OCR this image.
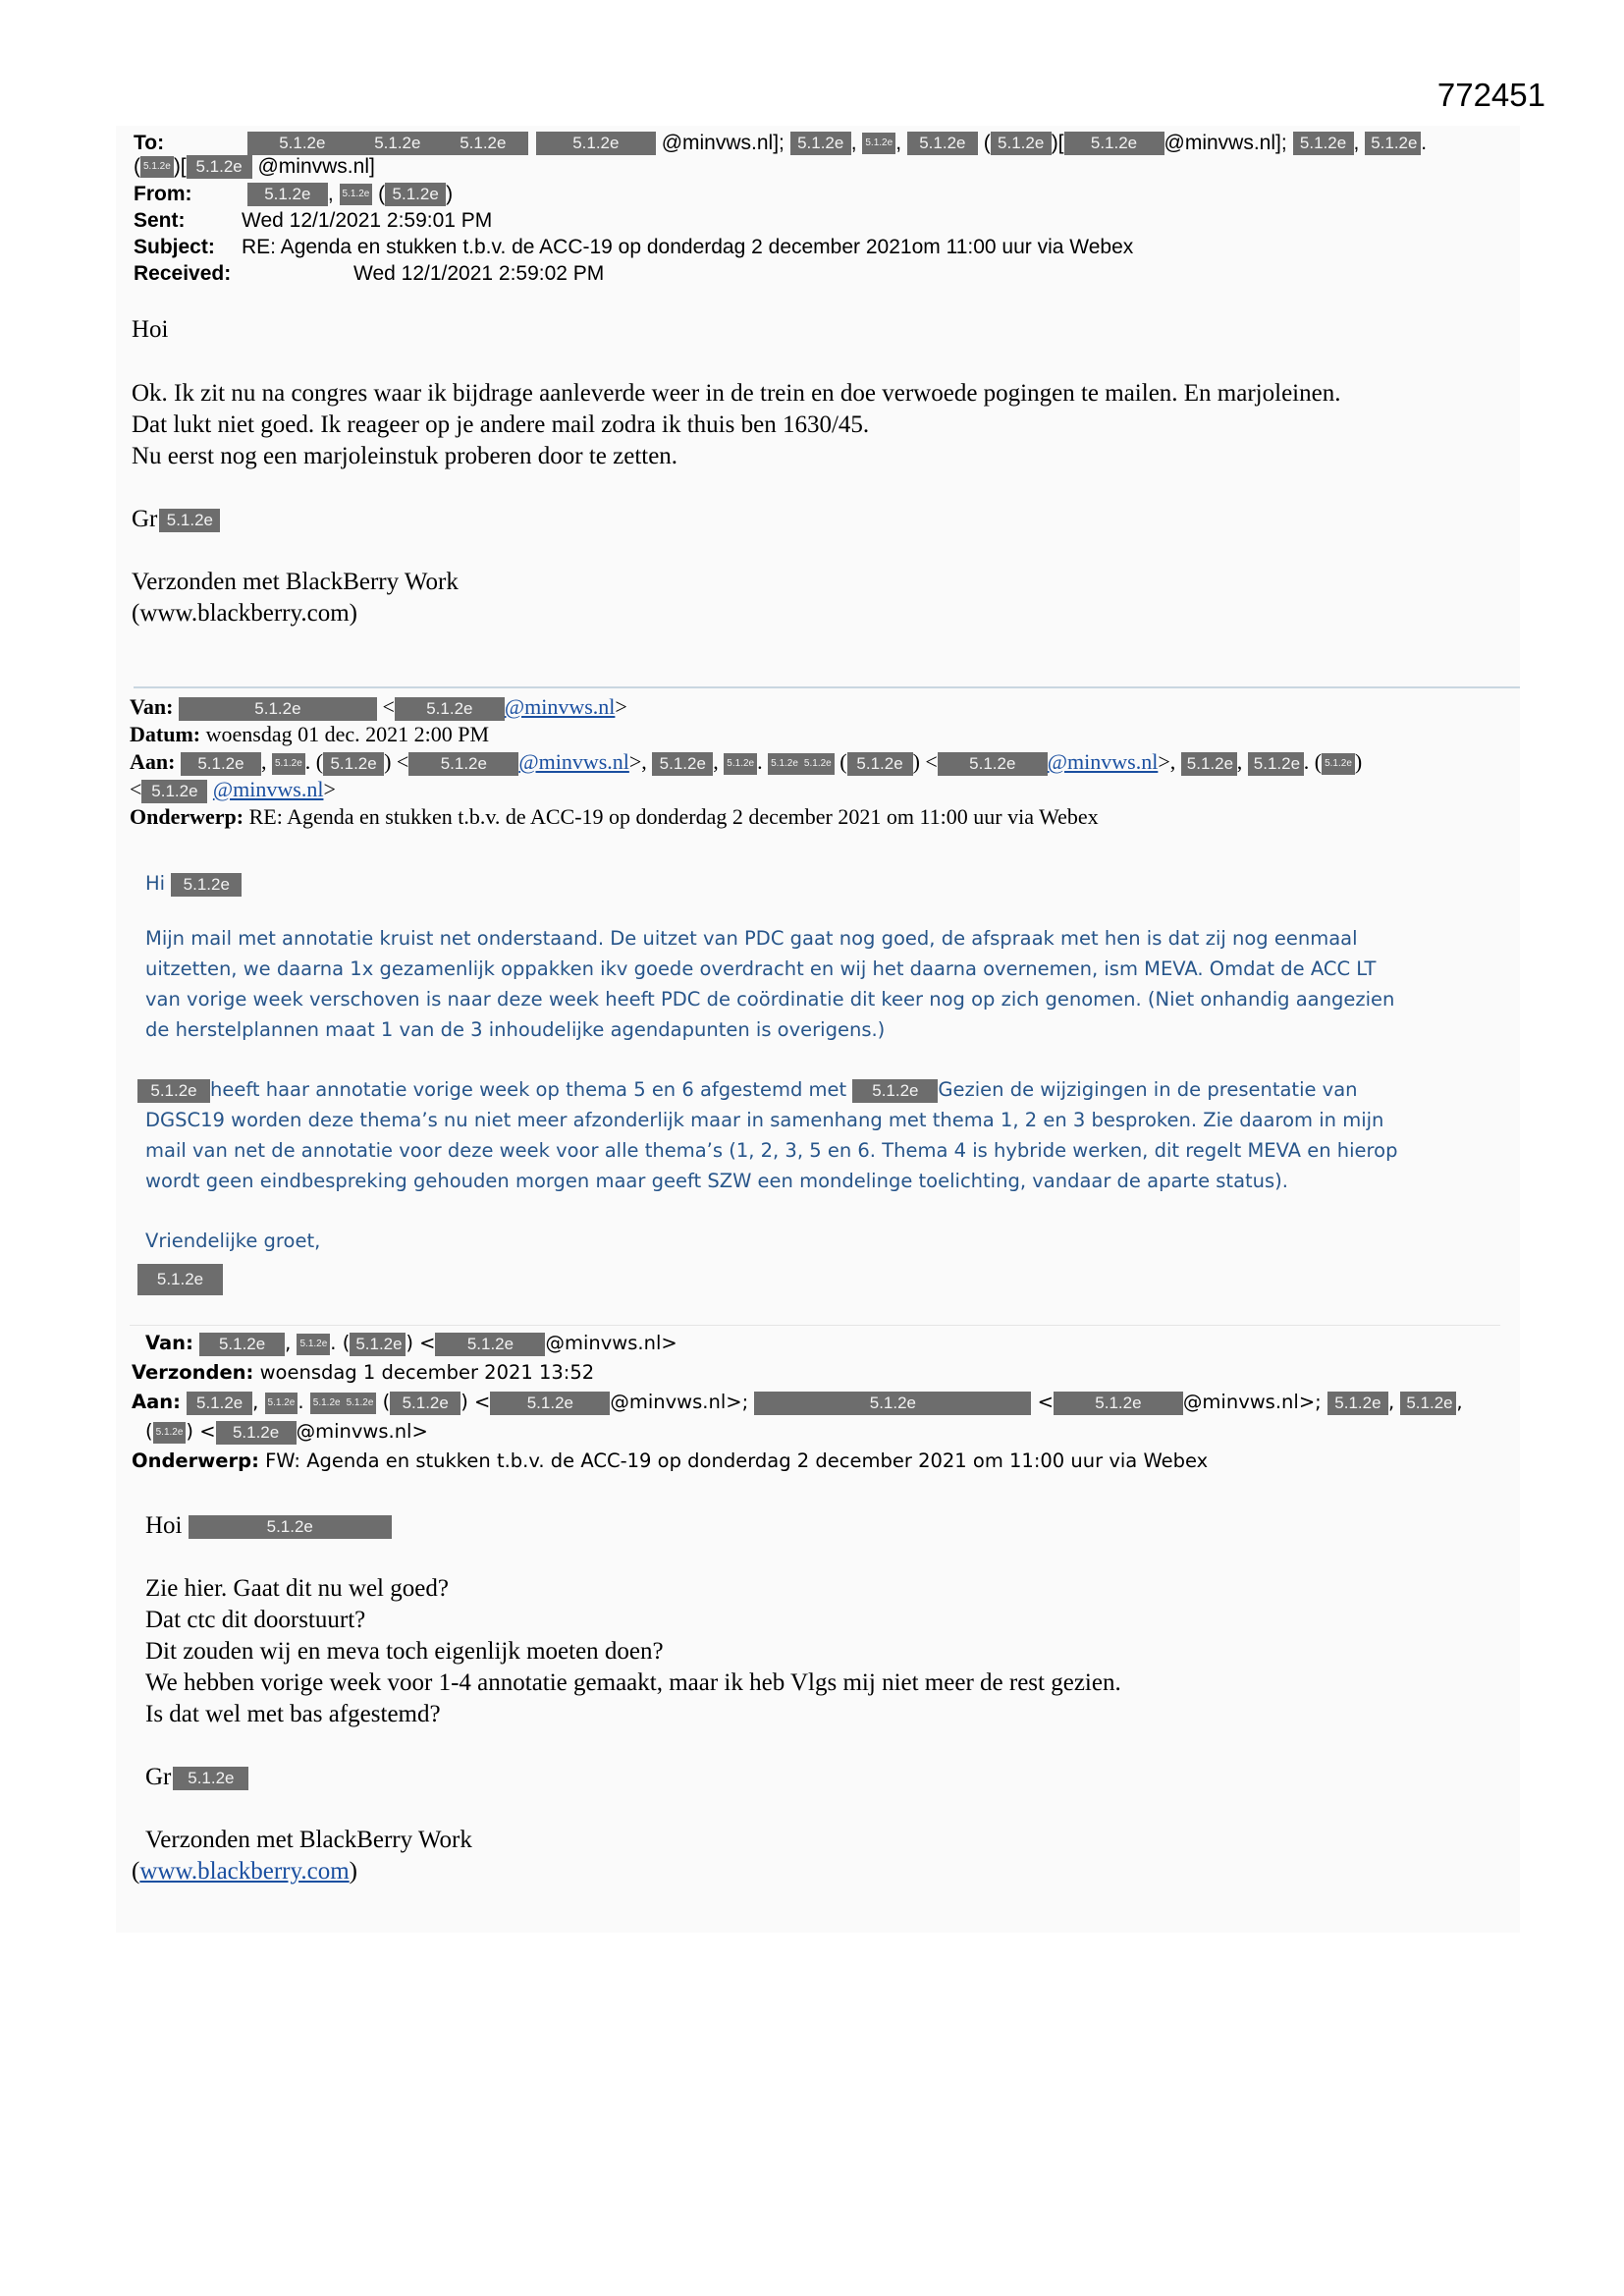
772451
To:	5.1.2e	5.1.2e 5.1.2e	5.1.2e @minvws.nl]; 5.1.2e , 5.1.2e , 5.1.2e ( 5.1.2e )[ 5.1.2e @minvws.nl]; 5.1.2e , 5.1.2e .
( 5.1.2e )[ 5.1.2e @minvws.nl]
From:	5.1.2e , 5.1.2e ( 5.1.2e )
Sent:	Wed 12/1/2021 2:59:01 PM
Subject: RE: Agenda en stukken t.b.v. de ACC-19 op donderdag 2 december 2021om 11:00 uur via Webex
Received:	Wed 12/1/2021 2:59:02 PM
Hoi
Ok. Ik zit nu na congres waar ik bijdrage aanleverde weer in de trein en doe verwoede pogingen te mailen. En marjoleinen.
Dat lukt niet goed. Ik reageer op je andere mail zodra ik thuis ben 1630/45.
Nu eerst nog een marjoleinstuk proberen door te zetten.
Gr 5.1.2e
Verzonden met BlackBerry Work
(www.blackberry.com)
Van:	5.1.2e	< 5.1.2e @minvws.nl>
Datum: woensdag 01 dec. 2021 2:00 PM
Aan: 5.1.2e , 5.1.2e . ( 5.1.2e ) < 5.1.2e @minvws.nl>, 5.1.2e , 5.1.2e . 5.1.2e 5.1.2e ( 5.1.2e ) < 5.1.2e @minvws.nl>, 5.1.2e , 5.1.2e . ( 5.1.2e )
< 5.1.2e @minvws.nl>
Onderwerp: RE: Agenda en stukken t.b.v. de ACC-19 op donderdag 2 december 2021 om 11:00 uur via Webex
Hi 5.1.2e
Mijn mail met annotatie kruist net onderstaand. De uitzet van PDC gaat nog goed, de afspraak met hen is dat zij nog eenmaal
uitzetten, we daarna 1x gezamenlijk oppakken ikv goede overdracht en wij het daarna overnemen, ism MEVA. Omdat de ACC LT
van vorige week verschoven is naar deze week heeft PDC de coördinatie dit keer nog op zich genomen. (Niet onhandig aangezien
de herstelplannen maat 1 van de 3 inhoudelijke agendapunten is overigens.)
5.1.2e heeft haar annotatie vorige week op thema 5 en 6 afgestemd met 5.1.2e Gezien de wijzigingen in de presentatie van
DGSC19 worden deze thema’s nu niet meer afzonderlijk maar in samenhang met thema 1, 2 en 3 besproken. Zie daarom in mijn
mail van net de annotatie voor deze week voor alle thema’s (1, 2, 3, 5 en 6. Thema 4 is hybride werken, dit regelt MEVA en hierop
wordt geen eindbespreking gehouden morgen maar geeft SZW een mondelinge toelichting, vandaar de aparte status).
Vriendelijke groet,
5.1.2e
Van: 5.1.2e , 5.1.2e . ( 5.1.2e ) < 5.1.2e @minvws.nl>
Verzonden: woensdag 1 december 2021 13:52
Aan: 5.1.2e , 5.1.2e . 5.1.2e 5.1.2e ( 5.1.2e ) < 5.1.2e @minvws.nl>;	5.1.2e	< 5.1.2e @minvws.nl>; 5.1.2e , 5.1.2e ,
( 5.1.2e ) < 5.1.2e @minvws.nl>
Onderwerp: FW: Agenda en stukken t.b.v. de ACC-19 op donderdag 2 december 2021 om 11:00 uur via Webex
Hoi	5.1.2e
Zie hier. Gaat dit nu wel goed?
Dat ctc dit doorstuurt?
Dit zouden wij en meva toch eigenlijk moeten doen?
We hebben vorige week voor 1-4 annotatie gemaakt, maar ik heb Vlgs mij niet meer de rest gezien.
Is dat wel met bas afgestemd?
Gr 5.1.2e
Verzonden met BlackBerry Work
(www.blackberry.com)
